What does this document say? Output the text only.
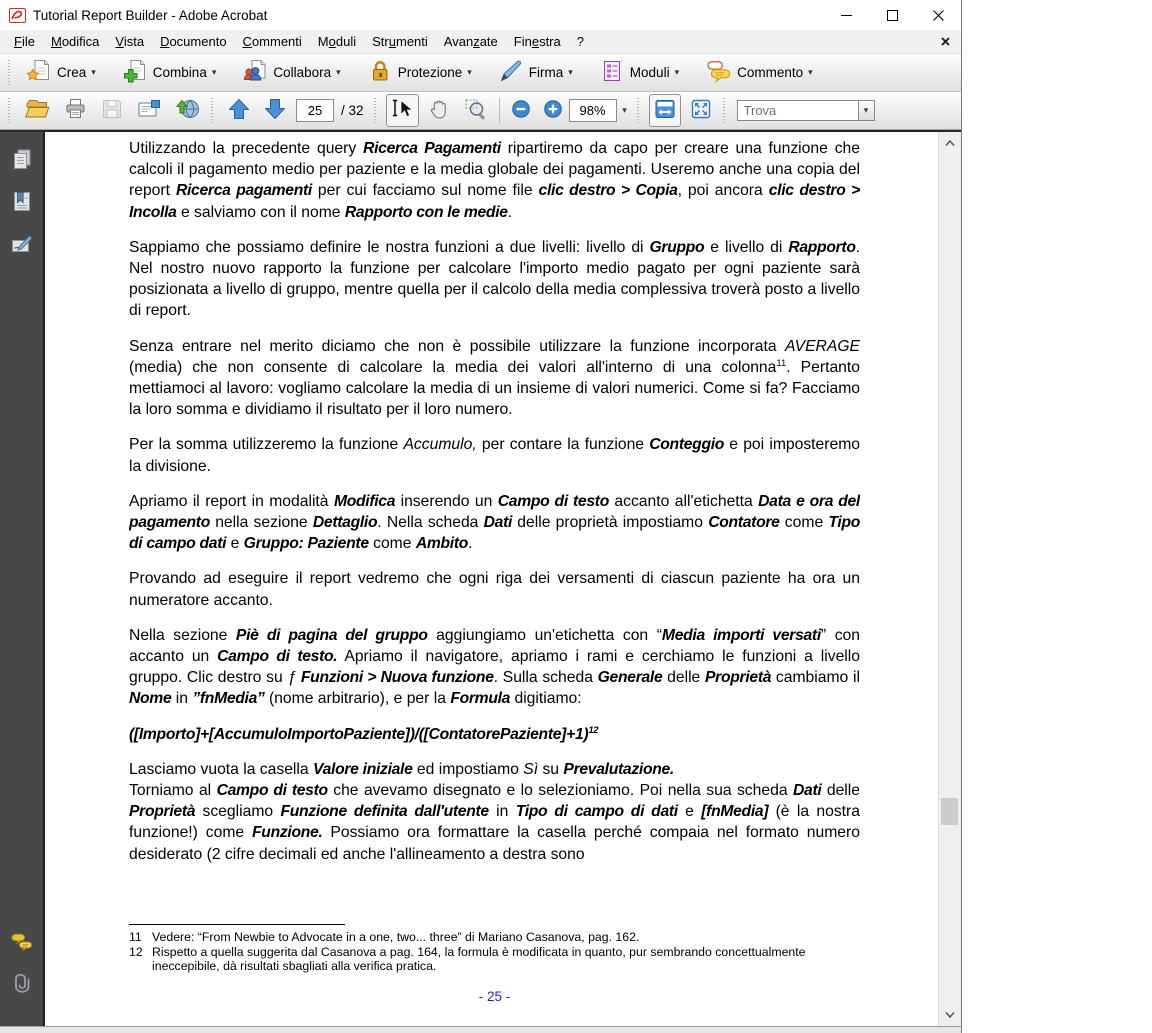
Tutorial Report Builder - Adobe Acrobat
File	Modifica	Vista	Documento	Commenti	Moduli	Strumenti	Avanzate	Finestra	?
Crea ▾	Combina ▾	Collabora ▾	Protezione ▾	Firma ▾	Moduli ▾	Commento ▾
25
/ 32
98%	▾
Trova	▾

Utilizzando la precedente query Ricerca Pagamenti ripartiremo da capo per creare una funzione che calcoli il pagamento medio per paziente e la media globale dei pagamenti. Useremo anche una copia del report Ricerca pagamenti per cui facciamo sul nome file clic destro > Copia, poi ancora clic destro > Incolla e salviamo con il nome Rapporto con le medie.

Sappiamo che possiamo definire le nostra funzioni a due livelli: livello di Gruppo e livello di Rapporto. Nel nostro nuovo rapporto la funzione per calcolare l'importo medio pagato per ogni paziente sarà posizionata a livello di gruppo, mentre quella per il calcolo della media complessiva troverà posto a livello di report.

Senza entrare nel merito diciamo che non è possibile utilizzare la funzione incorporata AVERAGE (media) che non consente di calcolare la media dei valori all'interno di una colonna$^{11}$. Pertanto mettiamoci al lavoro: vogliamo calcolare la media di un insieme di valori numerici. Come si fa? Facciamo la loro somma e dividiamo il risultato per il loro numero.

Per la somma utilizzeremo la funzione Accumulo, per contare la funzione Conteggio e poi imposteremo la divisione.

Apriamo il report in modalità Modifica inserendo un Campo di testo accanto all'etichetta Data e ora del pagamento nella sezione Dettaglio. Nella scheda Dati delle proprietà impostiamo Contatore come Tipo di campo dati e Gruppo: Paziente come Ambito.

Provando ad eseguire il report vedremo che ogni riga dei versamenti di ciascun paziente ha ora un numeratore accanto.

Nella sezione Piè di pagina del gruppo aggiungiamo un'etichetta con “Media importi versati” con accanto un Campo di testo. Apriamo il navigatore, apriamo i rami e cerchiamo le funzioni a livello gruppo. Clic destro su ƒ Funzioni > Nuova funzione. Sulla scheda Generale delle Proprietà cambiamo il Nome in ”fnMedia” (nome arbitrario), e per la Formula digitiamo:

([Importo]+[AccumuloImportoPaziente])/([ContatorePaziente]+1)$^{12}$

Lasciamo vuota la casella Valore iniziale ed impostiamo Sì su Prevalutazione.

Torniamo al Campo di testo che avevamo disegnato e lo selezioniamo. Poi nella sua scheda Dati delle Proprietà scegliamo Funzione definita dall'utente in Tipo di campo di dati e [fnMedia] (è la nostra funzione!) come Funzione. Possiamo ora formattare la casella perché compaia nel formato numero desiderato (2 cifre decimali ed anche l'allineamento a destra sono

11 Vedere: “From Newbie to Advocate in a one, two... three” di Mariano Casanova, pag. 162.
12 Rispetto a quella suggerita dal Casanova a pag. 164, la formula è modificata in quanto, pur sembrando concettualmente ineccepibile, dà risultati sbagliati alla verifica pratica.
- 25 -
